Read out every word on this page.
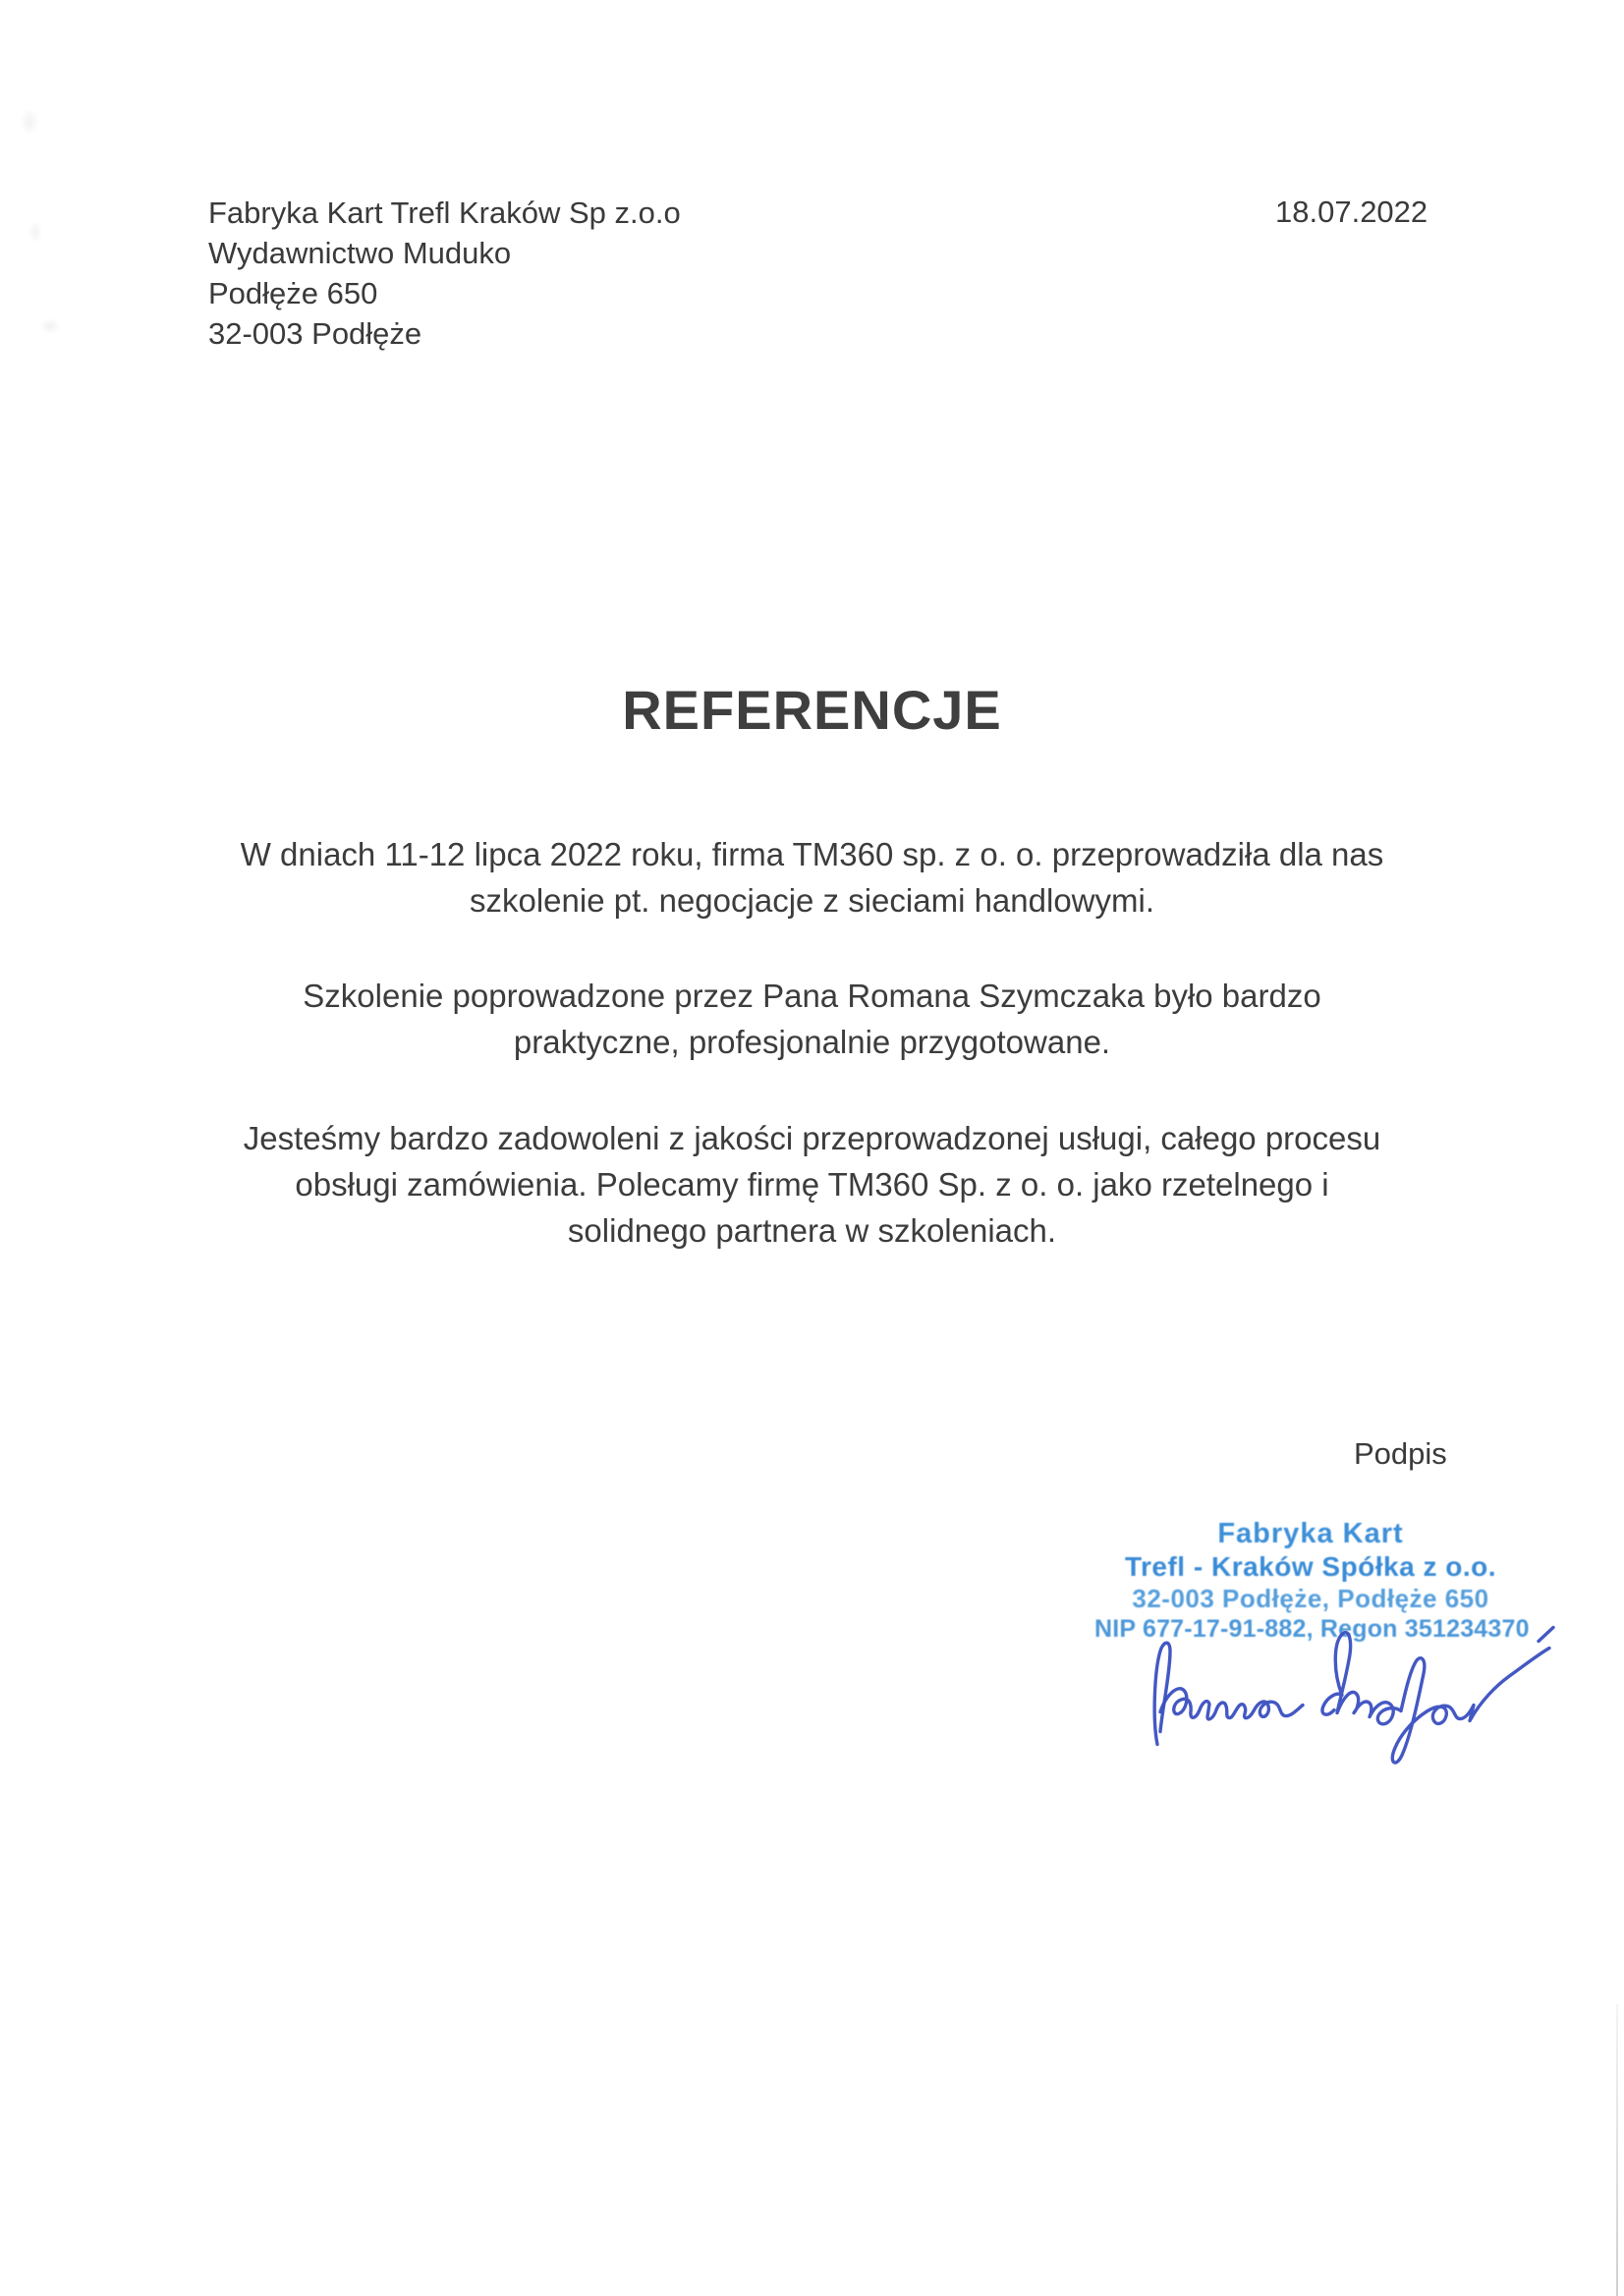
Fabryka Kart Trefl Kraków Sp z.o.o
Wydawnictwo Muduko
Podłęże 650
32-003 Podłęże
18.07.2022
REFERENCJE
W dniach 11-12 lipca 2022 roku, firma TM360 sp. z o. o. przeprowadziła dla nas
szkolenie pt. negocjacje z sieciami handlowymi.
Szkolenie poprowadzone przez Pana Romana Szymczaka było bardzo
praktyczne, profesjonalnie przygotowane.
Jesteśmy bardzo zadowoleni z jakości przeprowadzonej usługi, całego procesu
obsługi zamówienia. Polecamy firmę TM360 Sp. z o. o. jako rzetelnego i
solidnego partnera w szkoleniach.
Podpis
Fabryka Kart
Trefl - Kraków Spółka z o.o.
32-003 Podłęże, Podłęże 650
NIP 677-17-91-882, Regon 351234370
